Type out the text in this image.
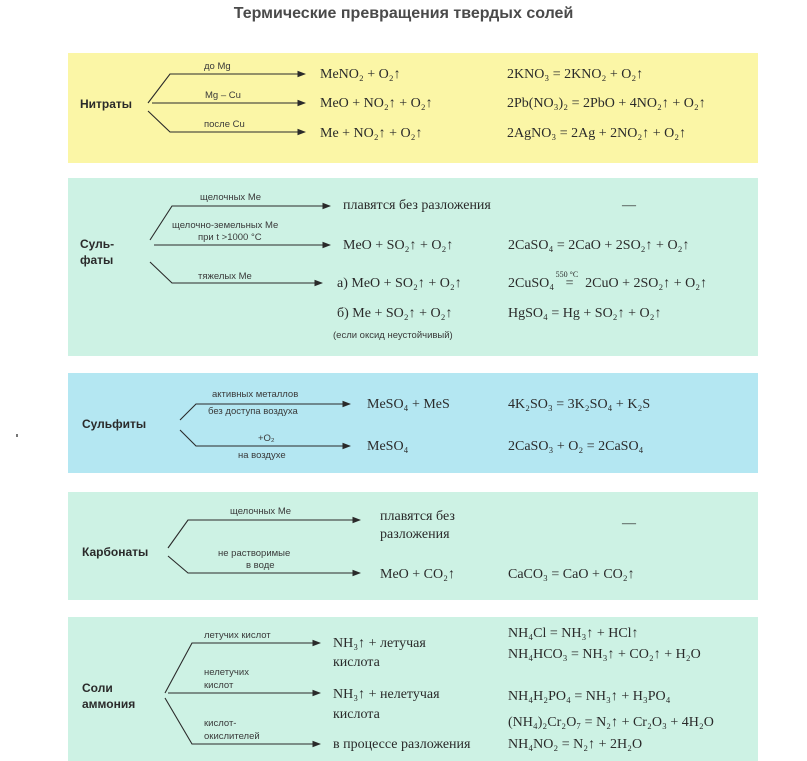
Термические превращения твердых солей
Нитраты
до Mg
Mg – Cu
после Cu
MeNO₂ + O₂↑
MeO + NO₂↑ + O₂↑
Me + NO₂↑ + O₂↑
2KNO₃ = 2KNO₂ + O₂↑
2Pb(NO₃)₂ = 2PbO + 4NO₂↑ + O₂↑
2AgNO₃ = 2Ag + 2NO₂↑ + O₂↑
Суль-
фаты
щелочных Me
щелочно-земельных Me
при t >1000 °C
тяжелых Me
плавятся без разложения
MeO + SO₂↑ + O₂↑
а) MeO + SO₂↑ + O₂↑
б) Me + SO₂↑ + O₂↑
(если оксид неустойчивый)
—
2CaSO₄ = 2CaO + 2SO₂↑ + O₂↑
2CuSO₄
550 °C
= 2CuO + 2SO₂↑ + O₂↑
HgSO₄ = Hg + SO₂↑ + O₂↑
Сульфиты
активных металлов
без доступа воздуха
+O₂
на воздухе
MeSO₄ + MeS
MeSO₄
4K₂SO₃ = 3K₂SO₄ + K₂S
2CaSO₃ + O₂ = 2CaSO₄
Карбонаты
щелочных Me
не растворимые
в воде
плавятся без
разложения
MeO + CO₂↑
—
CaCO₃ = CaO + CO₂↑
Соли
аммония
летучих кислот
нелетучих
кислот
кислот-
окислителей
NH₃↑ + летучая
кислота
NH₃↑ + нелетучая
кислота
в процессе разложения
NH₄Cl = NH₃↑ + HCl↑
NH₄HCO₃ = NH₃↑ + CO₂↑ + H₂O
NH₄H₂PO₄ = NH₃↑ + H₃PO₄
(NH₄)₂Cr₂O₇ = N₂↑ + Cr₂O₃ + 4H₂O
NH₄NO₂ = N₂↑ + 2H₂O
